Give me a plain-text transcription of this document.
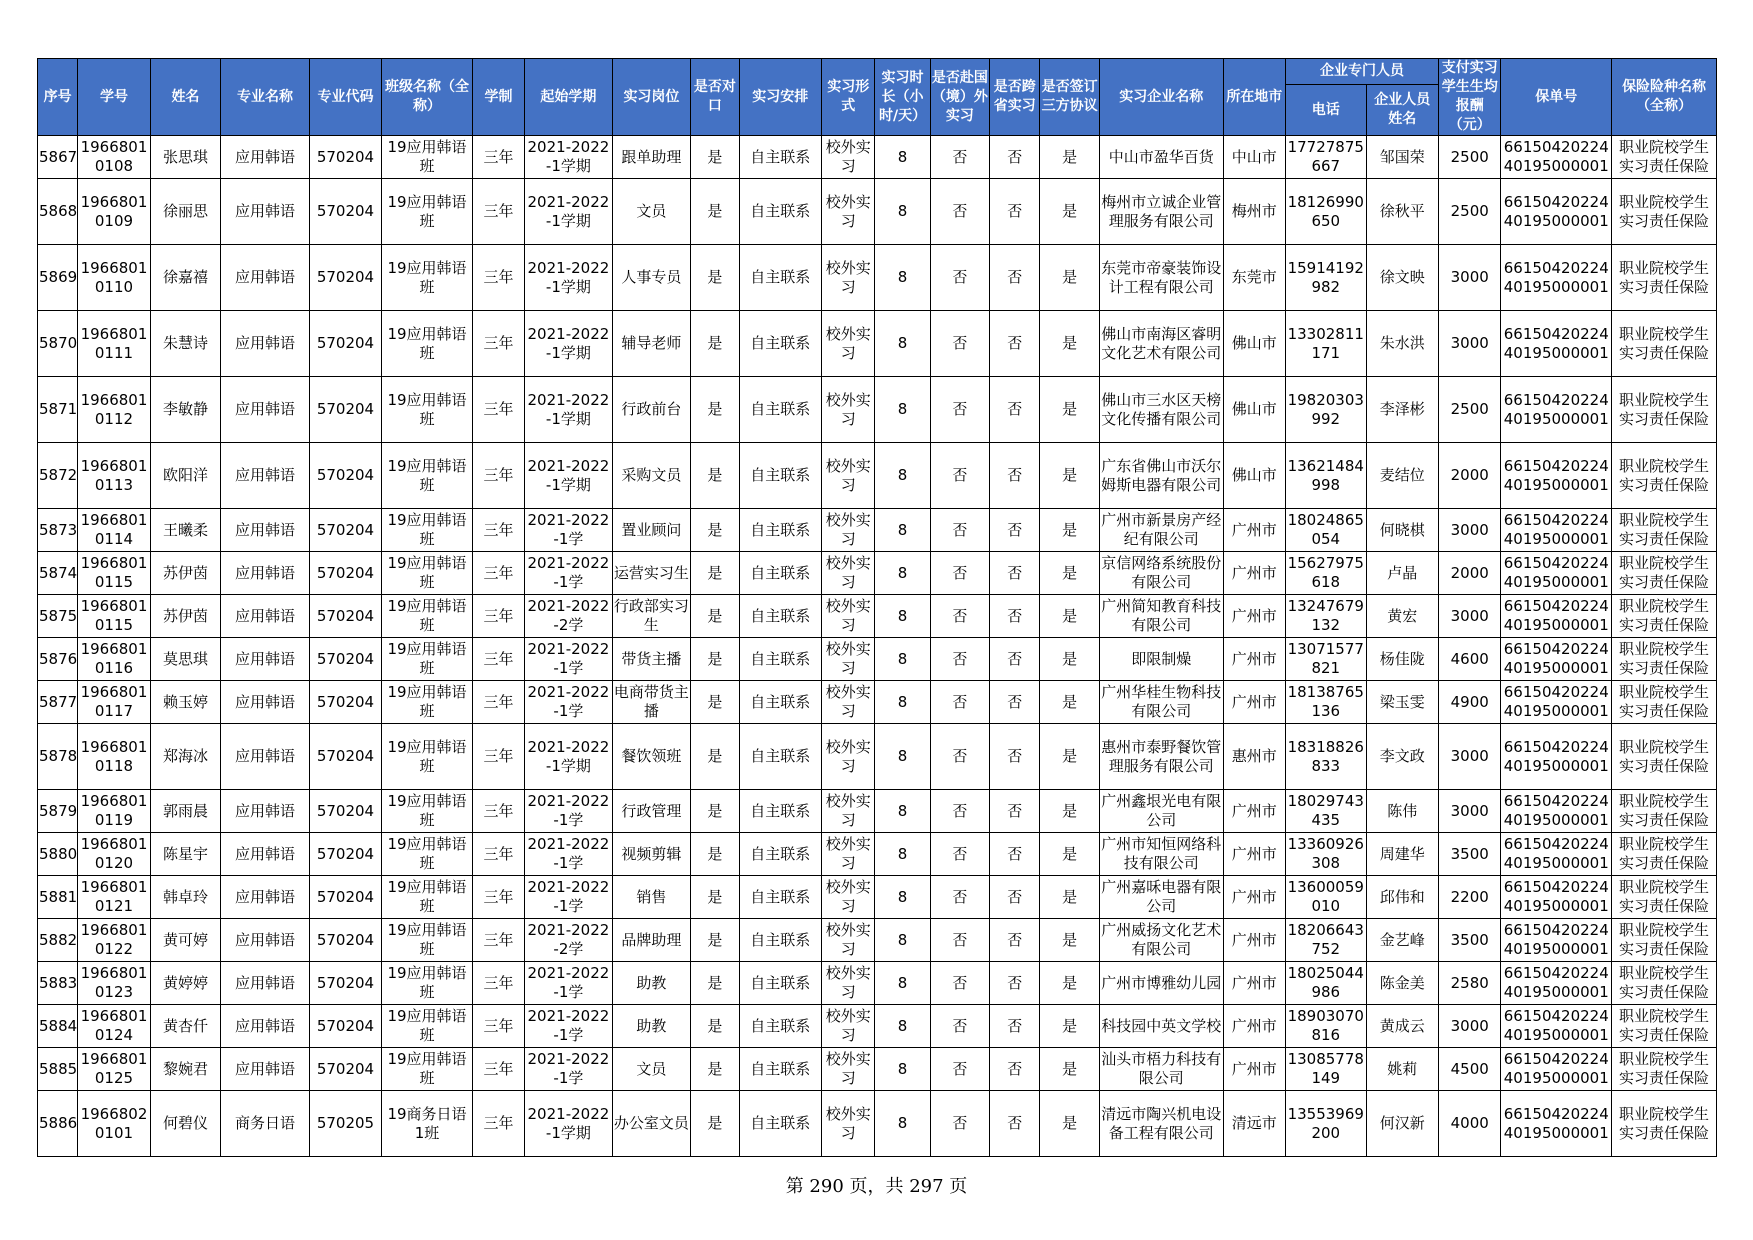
序号	学号	姓名	专业名称	专业代码	班级名称（全称）	学制	起始学期	实习岗位	是否对口	实习安排	实习形式	实习时长（小时/天）	是否赴国（境）外实习	是否跨省实习	是否签订三方协议	实习企业名称	所在地市	企业专门人员		支付实习学生生均报酬（元）	保单号	保险险种名称（全称）
																		电话	企业人员姓名			
5867	19668010108	张思琪	应用韩语	570204	19应用韩语班	三年	2021-2022-1学期	跟单助理	是	自主联系	校外实习	8	否	否	是	中山市盈华百货	中山市	17727875667	邹国荣	2500	6615042022440195000001	职业院校学生实习责任保险
5868	19668010109	徐丽思	应用韩语	570204	19应用韩语班	三年	2021-2022-1学期	文员	是	自主联系	校外实习	8	否	否	是	梅州市立诚企业管理服务有限公司	梅州市	18126990650	徐秋平	2500	6615042022440195000001	职业院校学生实习责任保险
5869	19668010110	徐嘉禧	应用韩语	570204	19应用韩语班	三年	2021-2022-1学期	人事专员	是	自主联系	校外实习	8	否	否	是	东莞市帝豪装饰设计工程有限公司	东莞市	15914192982	徐文映	3000	6615042022440195000001	职业院校学生实习责任保险
5870	19668010111	朱慧诗	应用韩语	570204	19应用韩语班	三年	2021-2022-1学期	辅导老师	是	自主联系	校外实习	8	否	否	是	佛山市南海区睿明文化艺术有限公司	佛山市	13302811171	朱水洪	3000	6615042022440195000001	职业院校学生实习责任保险
5871	19668010112	李敏静	应用韩语	570204	19应用韩语班	三年	2021-2022-1学期	行政前台	是	自主联系	校外实习	8	否	否	是	佛山市三水区天榜文化传播有限公司	佛山市	19820303992	李泽彬	2500	6615042022440195000001	职业院校学生实习责任保险
5872	19668010113	欧阳洋	应用韩语	570204	19应用韩语班	三年	2021-2022-1学期	采购文员	是	自主联系	校外实习	8	否	否	是	广东省佛山市沃尔姆斯电器有限公司	佛山市	13621484998	麦结位	2000	6615042022440195000001	职业院校学生实习责任保险
5873	19668010114	王曦柔	应用韩语	570204	19应用韩语班	三年	2021-2022-1学	置业顾问	是	自主联系	校外实习	8	否	否	是	广州市新景房产经纪有限公司	广州市	18024865054	何晓棋	3000	6615042022440195000001	职业院校学生实习责任保险
5874	19668010115	苏伊茵	应用韩语	570204	19应用韩语班	三年	2021-2022-1学	运营实习生	是	自主联系	校外实习	8	否	否	是	京信网络系统股份有限公司	广州市	15627975618	卢晶	2000	6615042022440195000001	职业院校学生实习责任保险
5875	19668010115	苏伊茵	应用韩语	570204	19应用韩语班	三年	2021-2022-2学	行政部实习生	是	自主联系	校外实习	8	否	否	是	广州简知教育科技有限公司	广州市	13247679132	黄宏	3000	6615042022440195000001	职业院校学生实习责任保险
5876	19668010116	莫思琪	应用韩语	570204	19应用韩语班	三年	2021-2022-1学	带货主播	是	自主联系	校外实习	8	否	否	是	即限制燥	广州市	13071577821	杨佳陇	4600	6615042022440195000001	职业院校学生实习责任保险
5877	19668010117	赖玉婷	应用韩语	570204	19应用韩语班	三年	2021-2022-1学	电商带货主播	是	自主联系	校外实习	8	否	否	是	广州华桂生物科技有限公司	广州市	18138765136	梁玉雯	4900	6615042022440195000001	职业院校学生实习责任保险
5878	19668010118	郑海冰	应用韩语	570204	19应用韩语班	三年	2021-2022-1学期	餐饮领班	是	自主联系	校外实习	8	否	否	是	惠州市泰野餐饮管理服务有限公司	惠州市	18318826833	李文政	3000	6615042022440195000001	职业院校学生实习责任保险
5879	19668010119	郭雨晨	应用韩语	570204	19应用韩语班	三年	2021-2022-1学	行政管理	是	自主联系	校外实习	8	否	否	是	广州鑫垠光电有限公司	广州市	18029743435	陈伟	3000	6615042022440195000001	职业院校学生实习责任保险
5880	19668010120	陈星宇	应用韩语	570204	19应用韩语班	三年	2021-2022-1学	视频剪辑	是	自主联系	校外实习	8	否	否	是	广州市知恒网络科技有限公司	广州市	13360926308	周建华	3500	6615042022440195000001	职业院校学生实习责任保险
5881	19668010121	韩卓玲	应用韩语	570204	19应用韩语班	三年	2021-2022-1学	销售	是	自主联系	校外实习	8	否	否	是	广州嘉咊电器有限公司	广州市	13600059010	邱伟和	2200	6615042022440195000001	职业院校学生实习责任保险
5882	19668010122	黄可婷	应用韩语	570204	19应用韩语班	三年	2021-2022-2学	品牌助理	是	自主联系	校外实习	8	否	否	是	广州威扬文化艺术有限公司	广州市	18206643752	金艺峰	3500	6615042022440195000001	职业院校学生实习责任保险
5883	19668010123	黄婷婷	应用韩语	570204	19应用韩语班	三年	2021-2022-1学	助教	是	自主联系	校外实习	8	否	否	是	广州市博雅幼儿园	广州市	18025044986	陈金美	2580	6615042022440195000001	职业院校学生实习责任保险
5884	19668010124	黄杏仟	应用韩语	570204	19应用韩语班	三年	2021-2022-1学	助教	是	自主联系	校外实习	8	否	否	是	科技园中英文学校	广州市	18903070816	黄成云	3000	6615042022440195000001	职业院校学生实习责任保险
5885	19668010125	黎婉君	应用韩语	570204	19应用韩语班	三年	2021-2022-1学	文员	是	自主联系	校外实习	8	否	否	是	汕头市梧力科技有限公司	广州市	13085778149	姚莉	4500	6615042022440195000001	职业院校学生实习责任保险
5886	19668020101	何碧仪	商务日语	570205	19商务日语1班	三年	2021-2022-1学期	办公室文员	是	自主联系	校外实习	8	否	否	是	清远市陶兴机电设备工程有限公司	清远市	13553969200	何汉新	4000	6615042022440195000001	职业院校学生实习责任保险
第 290 页，共 297 页
